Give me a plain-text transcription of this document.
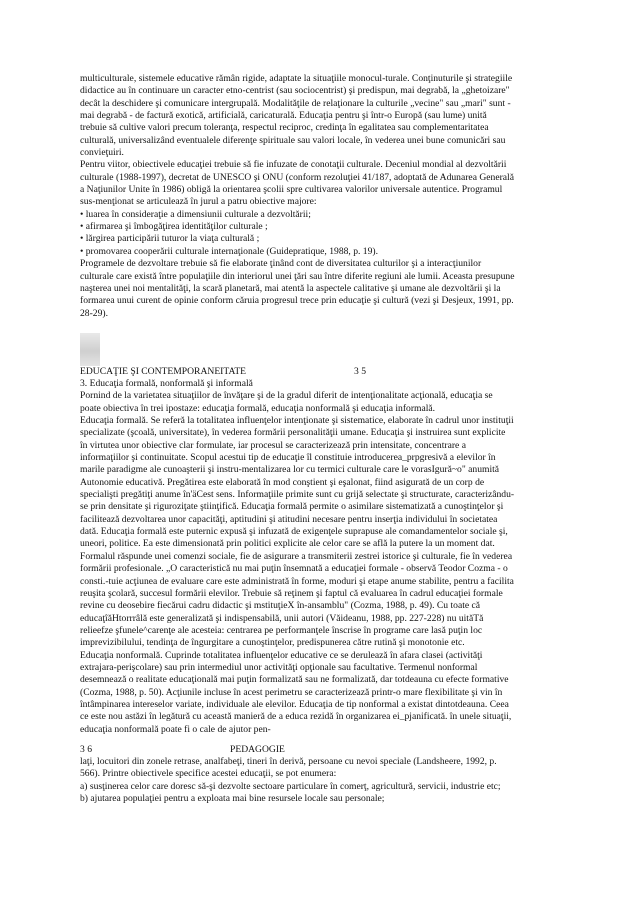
multiculturale, sistemele educative rămân rigide, adaptate la situaţiile monocul-turale. Conţinuturile şi strategiile
didactice au în continuare un caracter etno-centrist (sau sociocentrist) şi predispun, mai degrabă, la „ghetoizare"
decât la deschidere şi comunicare intergrupală. Modalităţile de relaţionare la culturile „vecine" sau „mari" sunt -
mai degrabă - de factură exotică, artificială, caricaturală. Educaţia pentru şi într-o Europă (sau lume) unită
trebuie să cultive valori precum toleranţa, respectul reciproc, credinţa în egalitatea sau complementaritatea
culturală, universalizând eventualele diferenţe spirituale sau valori locale, în vederea unei bune comunicări sau
convieţuiri.
Pentru viitor, obiectivele educaţiei trebuie să fie infuzate de conotaţii culturale. Deceniul mondial al dezvoltării
culturale (1988-1997), decretat de UNESCO şi ONU (conform rezoluţiei 41/187, adoptată de Adunarea Generală
a Naţiunilor Unite în 1986) obligă la orientarea şcolii spre cultivarea valorilor universale autentice. Programul
sus-menţionat se articulează în jurul a patru obiective majore:
• luarea în consideraţie a dimensiunii culturale a dezvoltării;
• afirmarea şi îmbogăţirea identităţilor culturale ;
• lărgirea participării tuturor la viaţa culturală ;
• promovarea cooperării culturale internaţionale (Guidepratique, 1988, p. 19).
Programele de dezvoltare trebuie să fie elaborate ţinând cont de diversitatea culturilor şi a interacţiunilor
culturale care există între populaţiile din interiorul unei ţări sau între diferite regiuni ale lumii. Aceasta presupune
naşterea unei noi mentalităţi, la scară planetară, mai atentă la aspectele calitative şi umane ale dezvoltării şi la
formarea unui curent de opinie conform căruia progresul trece prin educaţie şi cultură (vezi şi Desjeux, 1991, pp.
28-29).
EDUCAŢIE ŞI CONTEMPORANEITATE	3 5
3. Educaţia formală, nonformală şi informală
Pornind de la varietatea situaţiilor de învăţare şi de la gradul diferit de intenţionalitate acţională, educaţia se
poate obiectiva în trei ipostaze: educaţia formală, educaţia nonformală şi educaţia informală.
Educaţia formală. Se referă la totalitatea influenţelor intenţionate şi sistematice, elaborate în cadrul unor instituţii
specializate (şcoală, universitate), în vederea formării personalităţii umane. Educaţia şi instruirea sunt explicite
în virtutea unor obiective clar formulate, iar procesul se caracterizează prin intensitate, concentrare a
informaţiilor şi continuitate. Scopul acestui tip de educaţie îl constituie introducerea_prpgresivă a elevilor în
marile paradigme ale cunoaşterii şi instru-mentalizarea lor cu termici culturale care le vorasIgură~o" anumită
Autonomie educativă. Pregătirea este elaborată în mod conştient şi eşalonat, fiind asigurată de un corp de
specialişti pregătiţi anume în'äCest sens. Informaţiile primite sunt cu grijă selectate şi structurate, caracterizându-
se prin densitate şi riguroziţate ştiinţifică. Educaţia formală permite o asimilare sistematizată a cunoştinţelor şi
facilitează dezvoltarea unor capacităţi, aptitudini şi atitudini necesare pentru inserţia individului în societatea
dată. Educaţia formală este puternic expusă şi infuzată de exigenţele suprapuse ale comandamentelor sociale şi,
uneori, politice. Ea este dimensionată prin politici explicite ale celor care se află la putere la un moment dat.
Formalul răspunde unei comenzi sociale, fie de asigurare a transmiterii zestrei istorice şi culturale, fie în vederea
formării profesionale. „O caracteristică nu mai puţin însemnată a educaţiei formale - observă Teodor Cozma - o
consti.-tuie acţiunea de evaluare care este administrată în forme, moduri şi etape anume stabilite, pentru a facilita
reuşita şcolară, succesul formării elevilor. Trebuie să reţinem şi faptul că evaluarea în cadrul educaţiei formale
revine cu deosebire fiecărui cadru didactic şi mstituţieX în-ansamblu" (Cozma, 1988, p. 49). Cu toate că
educaţîăHtorrrâlă este generalizată şi indispensabilă, unii autori (Văideanu, 1988, pp. 227-228) nu uităTă
relieefze şfunele^carenţe ale acesteia: centrarea pe performanţele înscrise în programe care lasă puţin loc
imprevizibilului, tendinţa de îngurgitare a cunoştinţelor, predispunerea către rutină şi monotonie etc.
Educaţia nonformală. Cuprinde totalitatea influenţelor educative ce se derulează în afara clasei (activităţi
extrajara-perişcolare) sau prin intermediul unor activităţi opţionale sau facultative. Termenul nonformal
desemnează o realitate educaţională mai puţin formalizată sau ne formalizată, dar totdeauna cu efecte formative
(Cozma, 1988, p. 50). Acţiunile incluse în acest perimetru se caracterizează printr-o mare flexibilitate şi vin în
întâmpinarea intereselor variate, individuale ale elevilor. Educaţia de tip nonformal a existat dintotdeauna. Ceea
ce este nou astăzi în legătură cu această manieră de a educa rezidă în organizarea ei_pjanificată. în unele situaţii,
educaţia nonformală poate fi o cale de ajutor pen-
3 6	PEDAGOGIE
laţi, locuitori din zonele retrase, analfabeţi, tineri în derivă, persoane cu nevoi speciale (Landsheere, 1992, p.
566). Printre obiectivele specifice acestei educaţii, se pot enumera:
a) susţinerea celor care doresc să-şi dezvolte sectoare particulare în comerţ, agricultură, servicii, industrie etc;
b) ajutarea populaţiei pentru a exploata mai bine resursele locale sau personale;
